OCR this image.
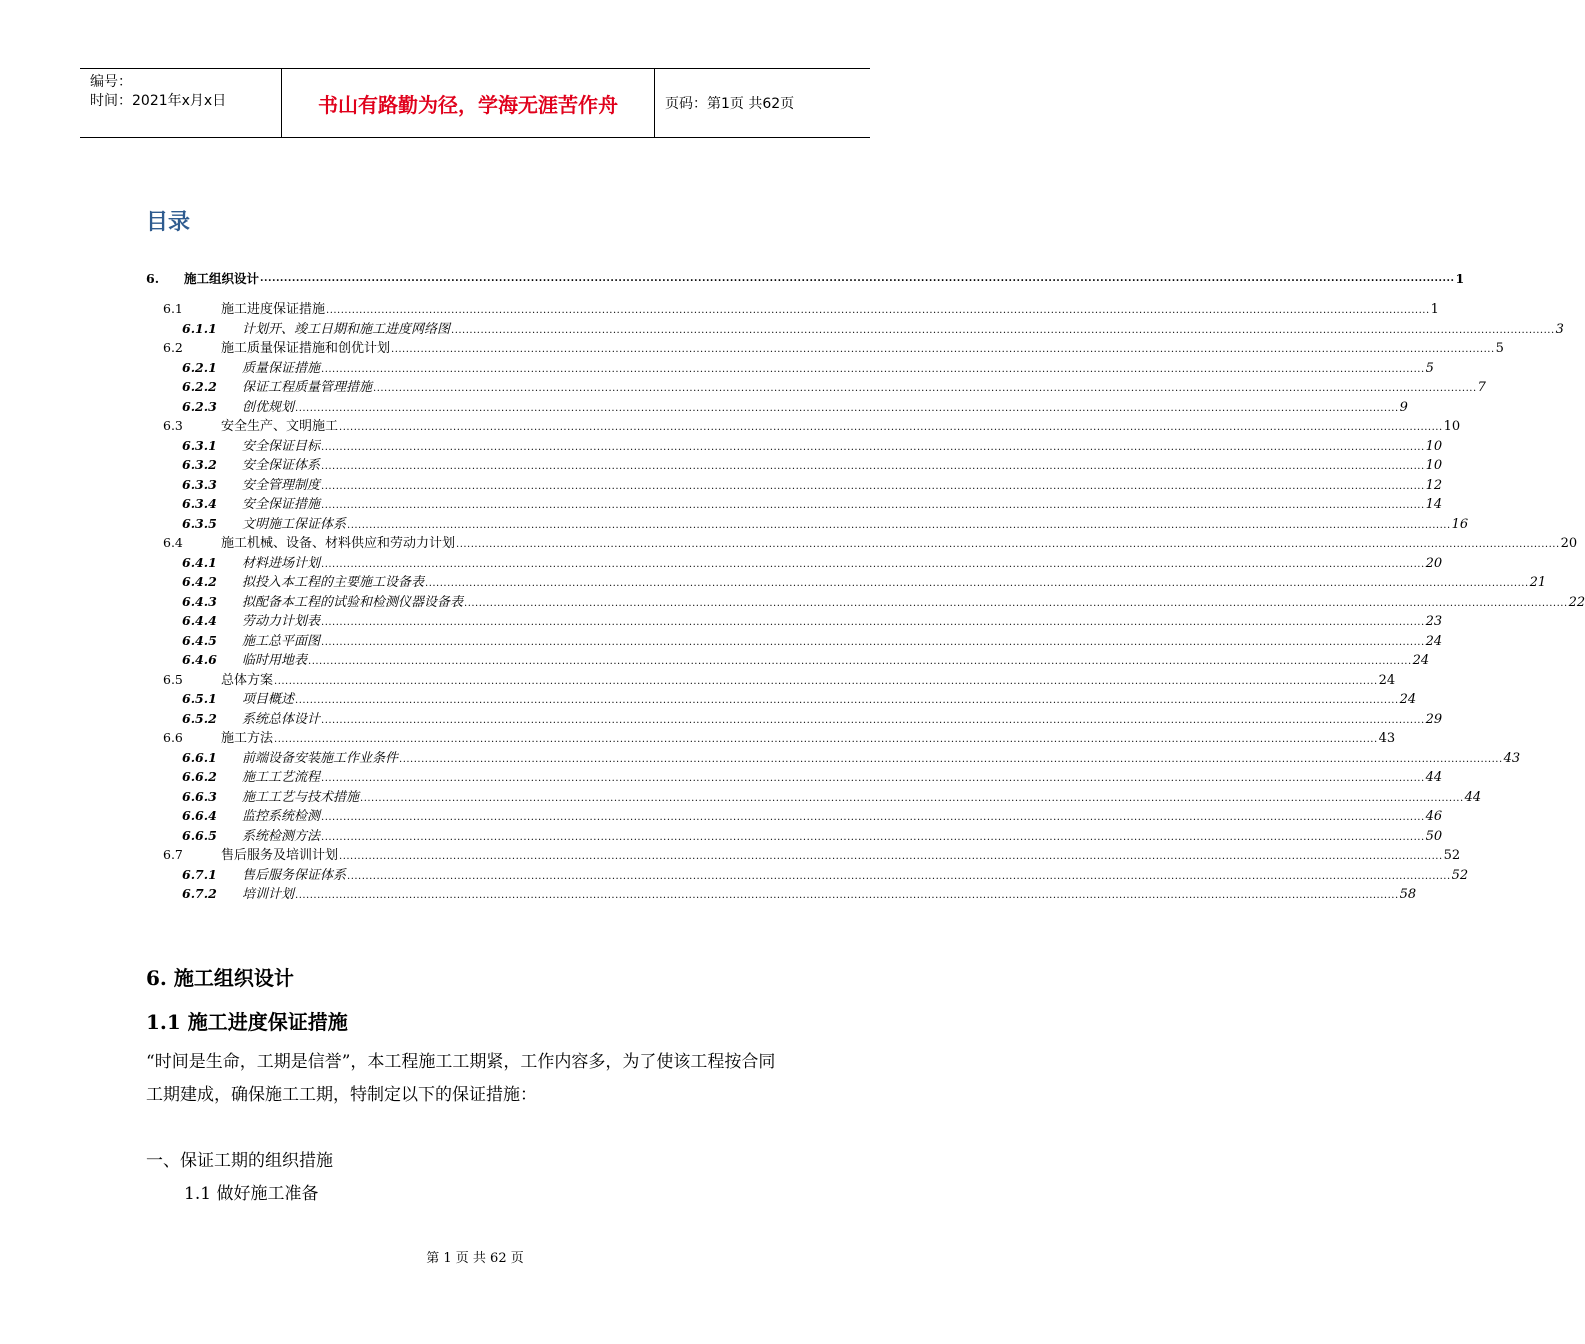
编号：
时间：2021年x月x日	书山有路勤为径，学海无涯苦作舟	页码：第1页 共62页
目录
6.	施工组织设计 ............................................................................................................................................................................................................................................................................................................ 1
6.1	施工进度保证措施 ............................................................................................................................................................................................................................................................................................................ 1
6.1.1	计划开、竣工日期和施工进度网络图 ............................................................................................................................................................................................................................................................................................................ 3
6.2	施工质量保证措施和创优计划 ............................................................................................................................................................................................................................................................................................................ 5
6.2.1	质量保证措施 ............................................................................................................................................................................................................................................................................................................ 5
6.2.2	保证工程质量管理措施 ............................................................................................................................................................................................................................................................................................................ 7
6.2.3	创优规划 ............................................................................................................................................................................................................................................................................................................ 9
6.3	安全生产、文明施工 ............................................................................................................................................................................................................................................................................................................ 10
6.3.1	安全保证目标 ............................................................................................................................................................................................................................................................................................................ 10
6.3.2	安全保证体系 ............................................................................................................................................................................................................................................................................................................ 10
6.3.3	安全管理制度 ............................................................................................................................................................................................................................................................................................................ 12
6.3.4	安全保证措施 ............................................................................................................................................................................................................................................................................................................ 14
6.3.5	文明施工保证体系 ............................................................................................................................................................................................................................................................................................................ 16
6.4	施工机械、设备、材料供应和劳动力计划 ............................................................................................................................................................................................................................................................................................................ 20
6.4.1	材料进场计划 ............................................................................................................................................................................................................................................................................................................ 20
6.4.2	拟投入本工程的主要施工设备表 ............................................................................................................................................................................................................................................................................................................ 21
6.4.3	拟配备本工程的试验和检测仪器设备表 ............................................................................................................................................................................................................................................................................................................ 22
6.4.4	劳动力计划表 ............................................................................................................................................................................................................................................................................................................ 23
6.4.5	施工总平面图 ............................................................................................................................................................................................................................................................................................................ 24
6.4.6	临时用地表 ............................................................................................................................................................................................................................................................................................................ 24
6.5	总体方案 ............................................................................................................................................................................................................................................................................................................ 24
6.5.1	项目概述 ............................................................................................................................................................................................................................................................................................................ 24
6.5.2	系统总体设计 ............................................................................................................................................................................................................................................................................................................ 29
6.6	施工方法 ............................................................................................................................................................................................................................................................................................................ 43
6.6.1	前端设备安装施工作业条件 ............................................................................................................................................................................................................................................................................................................ 43
6.6.2	施工工艺流程 ............................................................................................................................................................................................................................................................................................................ 44
6.6.3	施工工艺与技术措施 ............................................................................................................................................................................................................................................................................................................ 44
6.6.4	监控系统检测 ............................................................................................................................................................................................................................................................................................................ 46
6.6.5	系统检测方法 ............................................................................................................................................................................................................................................................................................................ 50
6.7	售后服务及培训计划 ............................................................................................................................................................................................................................................................................................................ 52
6.7.1	售后服务保证体系 ............................................................................................................................................................................................................................................................................................................ 52
6.7.2	培训计划 ............................................................................................................................................................................................................................................................................................................ 58
6. 施工组织设计
1.1 施工进度保证措施
“时间是生命，工期是信誉”，本工程施工工期紧，工作内容多，为了使该工程按合同工期建成，确保施工工期，特制定以下的保证措施：
一、保证工期的组织措施
1.1 做好施工准备
第 1 页 共 62 页
